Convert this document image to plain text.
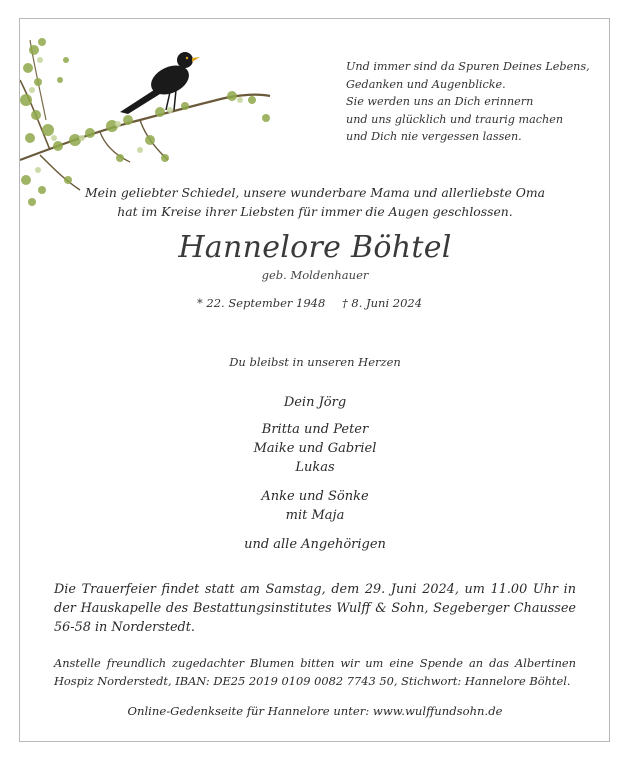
Und immer sind da Spuren Deines Lebens,
Gedanken und Augenblicke.
Sie werden uns an Dich erinnern
und uns glücklich und traurig machen
und Dich nie vergessen lassen.
Mein geliebter Schiedel, unsere wunderbare Mama und allerliebste Oma
hat im Kreise ihrer Liebsten für immer die Augen geschlossen.
Hannelore Böhtel
geb. Moldenhauer
* 22. September 1948 † 8. Juni 2024
Du bleibst in unseren Herzen
Dein Jörg
Britta und Peter
Maike und Gabriel
Lukas
Anke und Sönke
mit Maja
und alle Angehörigen
Die Trauerfeier findet statt am Samstag, dem 29. Juni 2024, um 11.00 Uhr in der Hauskapelle des Bestattungsinstitutes Wulff & Sohn, Segeberger Chaussee 56-58 in Norderstedt.
Anstelle freundlich zugedachter Blumen bitten wir um eine Spende an das Albertinen Hospiz Norderstedt, IBAN: DE25 2019 0109 0082 7743 50, Stichwort: Hannelore Böhtel.
Online-Gedenkseite für Hannelore unter: www.wulffundsohn.de
